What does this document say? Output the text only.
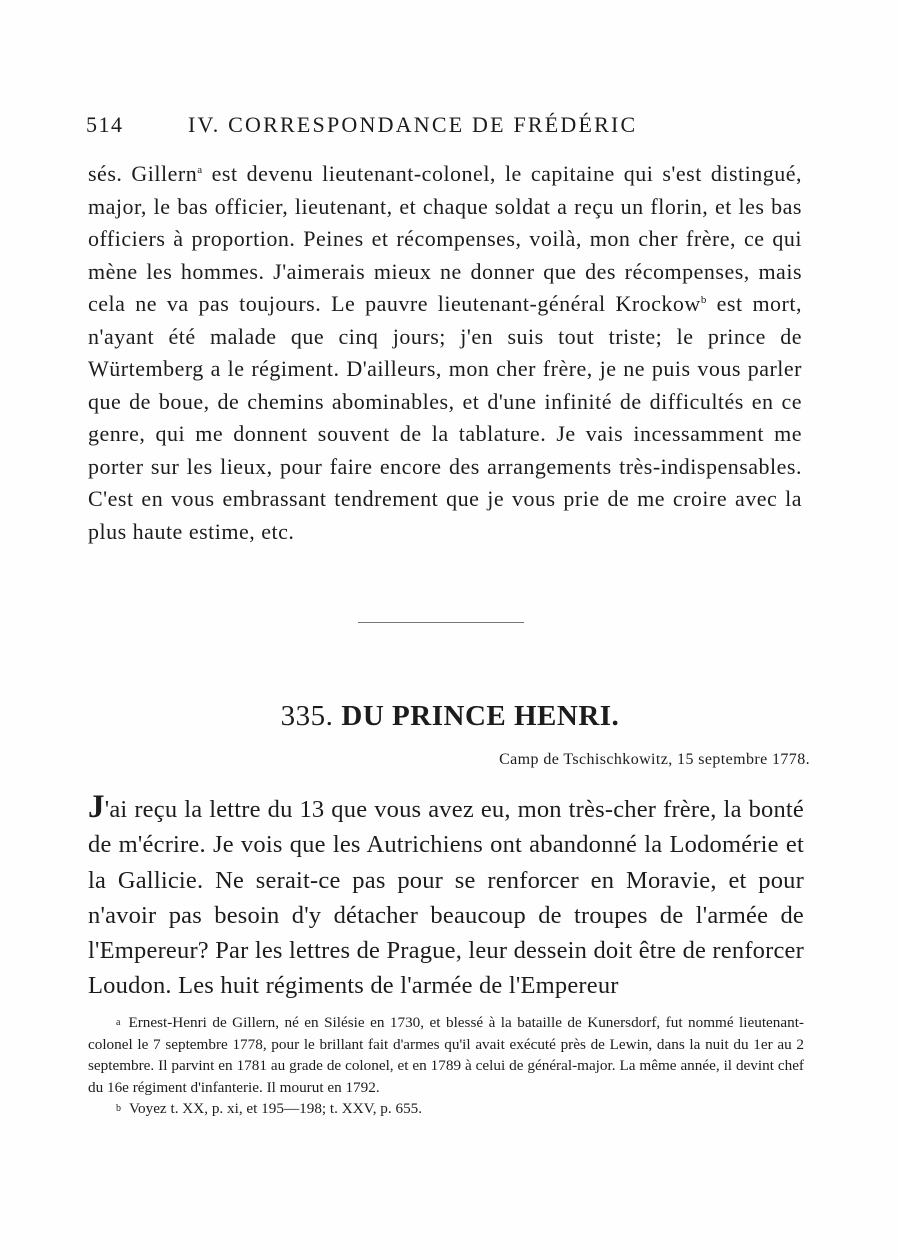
514	IV. CORRESPONDANCE DE FRÉDÉRIC

sés. Gillern$^a$ est devenu lieutenant-colonel, le capitaine qui s'est distingué, major, le bas officier, lieutenant, et chaque soldat a reçu un florin, et les bas officiers à proportion. Peines et récompenses, voilà, mon cher frère, ce qui mène les hommes. J'aimerais mieux ne donner que des récompenses, mais cela ne va pas toujours. Le pauvre lieutenant-général Krockow$^b$ est mort, n'ayant été malade que cinq jours; j'en suis tout triste; le prince de Würtemberg a le régiment. D'ailleurs, mon cher frère, je ne puis vous parler que de boue, de chemins abominables, et d'une infinité de difficultés en ce genre, qui me donnent souvent de la tablature. Je vais incessamment me porter sur les lieux, pour faire encore des arrangements très-indispensables. C'est en vous embrassant tendrement que je vous prie de me croire avec la plus haute estime, etc.

335. DU PRINCE HENRI.
Camp de Tschischkowitz, 15 septembre 1778.

J'ai reçu la lettre du 13 que vous avez eu, mon très-cher frère, la bonté de m'écrire. Je vois que les Autrichiens ont abandonné la Lodomérie et la Gallicie. Ne serait-ce pas pour se renforcer en Moravie, et pour n'avoir pas besoin d'y détacher beaucoup de troupes de l'armée de l'Empereur? Par les lettres de Prague, leur dessein doit être de renforcer Loudon. Les huit régiments de l'armée de l'Empereur

a Ernest-Henri de Gillern, né en Silésie en 1730, et blessé à la bataille de Kunersdorf, fut nommé lieutenant-colonel le 7 septembre 1778, pour le brillant fait d'armes qu'il avait exécuté près de Lewin, dans la nuit du 1er au 2 septembre. Il parvint en 1781 au grade de colonel, et en 1789 à celui de général-major. La même année, il devint chef du 16e régiment d'infanterie. Il mourut en 1792.

b Voyez t. XX, p. xi, et 195—198; t. XXV, p. 655.
